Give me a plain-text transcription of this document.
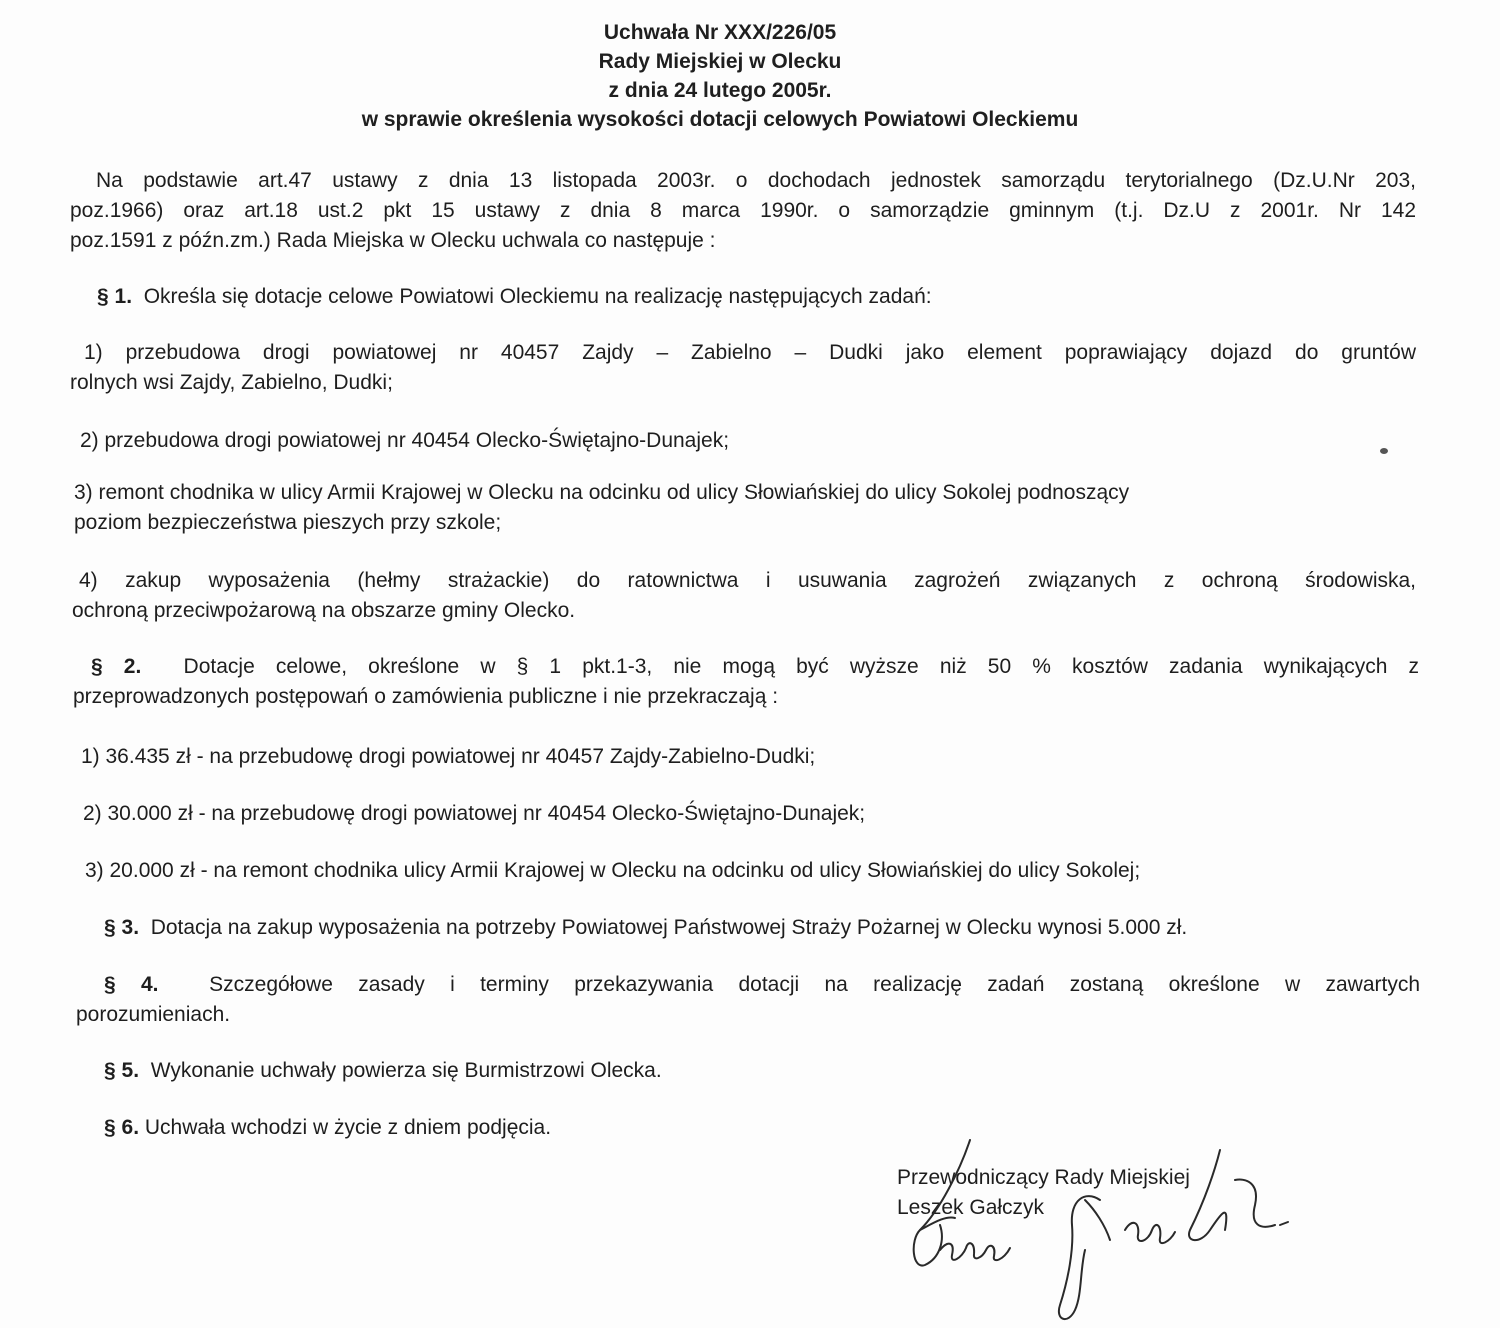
Uchwała Nr XXX/226/05
Rady Miejskiej w Olecku
z dnia 24 lutego 2005r.
w sprawie określenia wysokości dotacji celowych Powiatowi Oleckiemu
Na podstawie art.47 ustawy z dnia 13 listopada 2003r. o dochodach jednostek samorządu terytorialnego (Dz.U.Nr 203,
poz.1966) oraz art.18 ust.2 pkt 15 ustawy z dnia 8 marca 1990r. o samorządzie gminnym (t.j. Dz.U z 2001r. Nr 142
poz.1591 z późn.zm.) Rada Miejska w Olecku uchwala co następuje :
§ 1. Określa się dotacje celowe Powiatowi Oleckiemu na realizację następujących zadań:
1) przebudowa drogi powiatowej nr 40457 Zajdy – Zabielno – Dudki jako element poprawiający dojazd do gruntów
rolnych wsi Zajdy, Zabielno, Dudki;
2) przebudowa drogi powiatowej nr 40454 Olecko-Świętajno-Dunajek;
3) remont chodnika w ulicy Armii Krajowej w Olecku na odcinku od ulicy Słowiańskiej do ulicy Sokolej podnoszący
poziom bezpieczeństwa pieszych przy szkole;
4) zakup wyposażenia (hełmy strażackie) do ratownictwa i usuwania zagrożeń związanych z ochroną środowiska,
ochroną przeciwpożarową na obszarze gminy Olecko.
§ 2. Dotacje celowe, określone w § 1 pkt.1-3, nie mogą być wyższe niż 50 % kosztów zadania wynikających z
przeprowadzonych postępowań o zamówienia publiczne i nie przekraczają :
1) 36.435 zł - na przebudowę drogi powiatowej nr 40457 Zajdy-Zabielno-Dudki;
2) 30.000 zł - na przebudowę drogi powiatowej nr 40454 Olecko-Świętajno-Dunajek;
3) 20.000 zł - na remont chodnika ulicy Armii Krajowej w Olecku na odcinku od ulicy Słowiańskiej do ulicy Sokolej;
§ 3. Dotacja na zakup wyposażenia na potrzeby Powiatowej Państwowej Straży Pożarnej w Olecku wynosi 5.000 zł.
§ 4. Szczegółowe zasady i terminy przekazywania dotacji na realizację zadań zostaną określone w zawartych
porozumieniach.
§ 5. Wykonanie uchwały powierza się Burmistrzowi Olecka.
§ 6. Uchwała wchodzi w życie z dniem podjęcia.
Przewodniczący Rady Miejskiej
Leszek Gałczyk
